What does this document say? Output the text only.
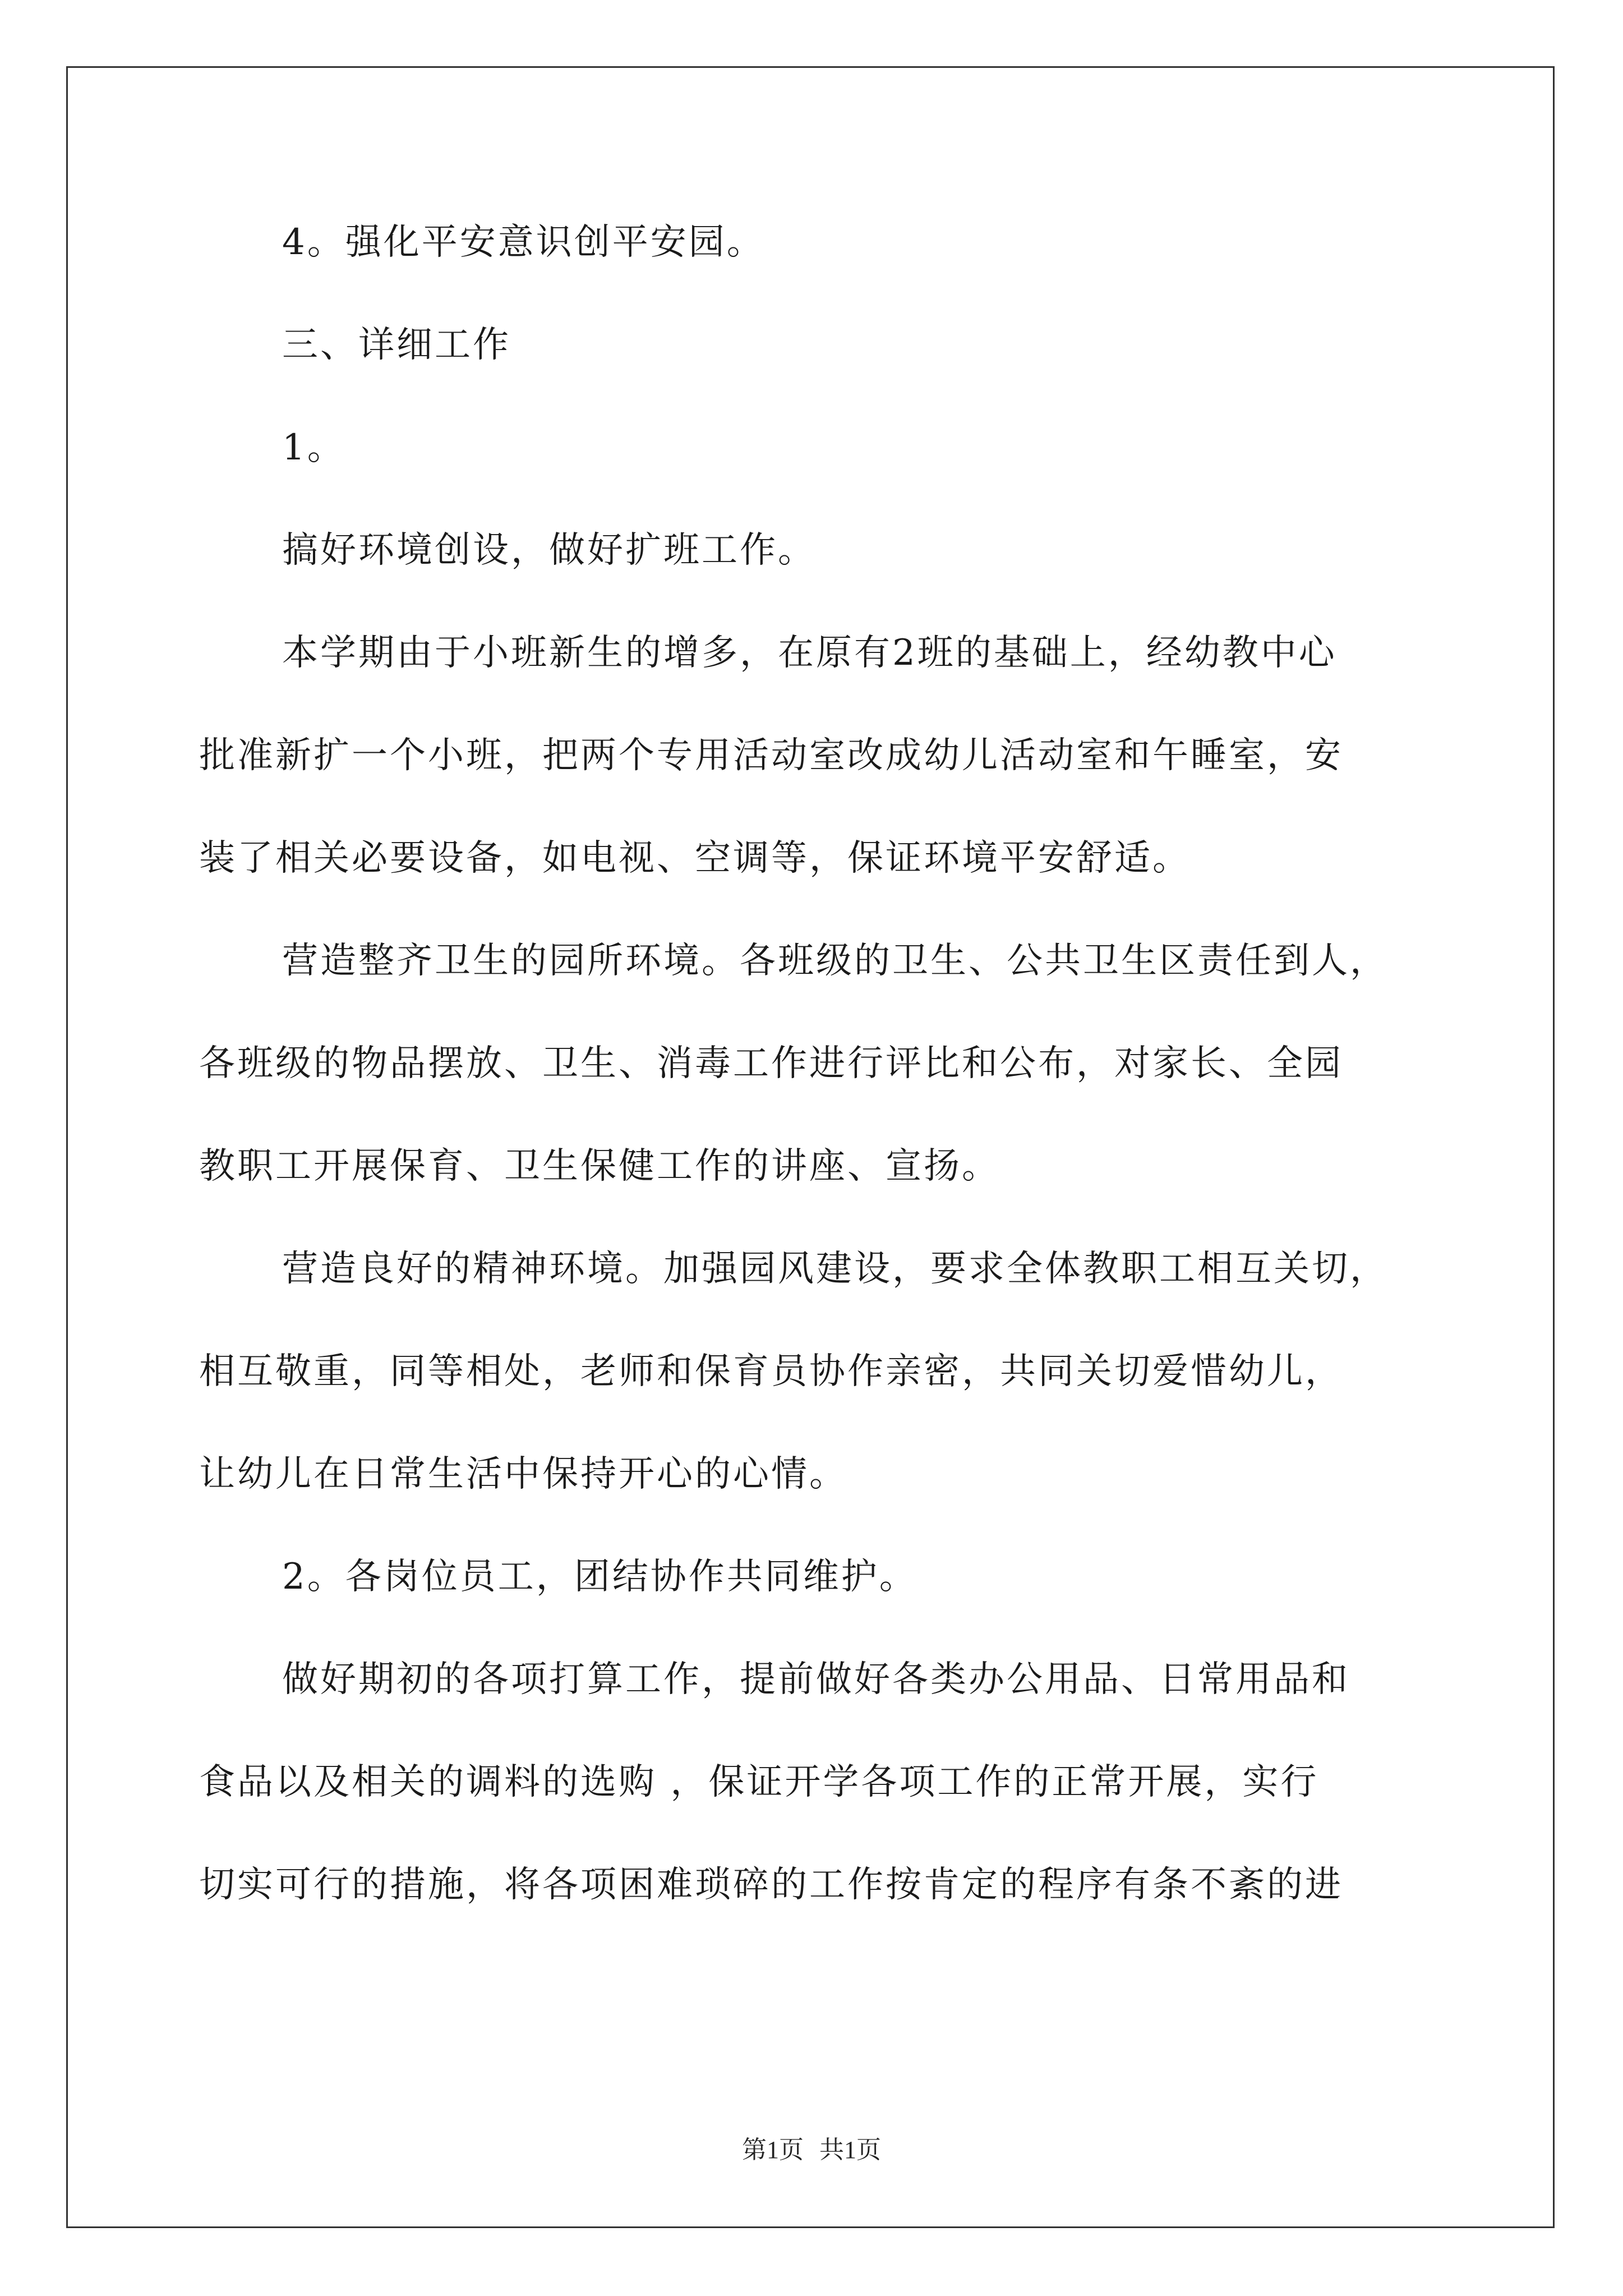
4。强化平安意识创平安园。
三、详细工作
1。
搞好环境创设，做好扩班工作。
本学期由于小班新生的增多，在原有2班的基础上，经幼教中心
批准新扩一个小班，把两个专用活动室改成幼儿活动室和午睡室，安
装了相关必要设备，如电视、空调等，保证环境平安舒适。
营造整齐卫生的园所环境。各班级的卫生、公共卫生区责任到人，
各班级的物品摆放、卫生、消毒工作进行评比和公布，对家长、全园
教职工开展保育、卫生保健工作的讲座、宣扬。
营造良好的精神环境。加强园风建设，要求全体教职工相互关切，
相互敬重，同等相处，老师和保育员协作亲密，共同关切爱惜幼儿，
让幼儿在日常生活中保持开心的心情。
2。各岗位员工，团结协作共同维护。
做好期初的各项打算工作，提前做好各类办公用品、日常用品和
食品以及相关的调料的选购 ，保证开学各项工作的正常开展，实行
切实可行的措施，将各项困难琐碎的工作按肯定的程序有条不紊的进
第1页 共1页
